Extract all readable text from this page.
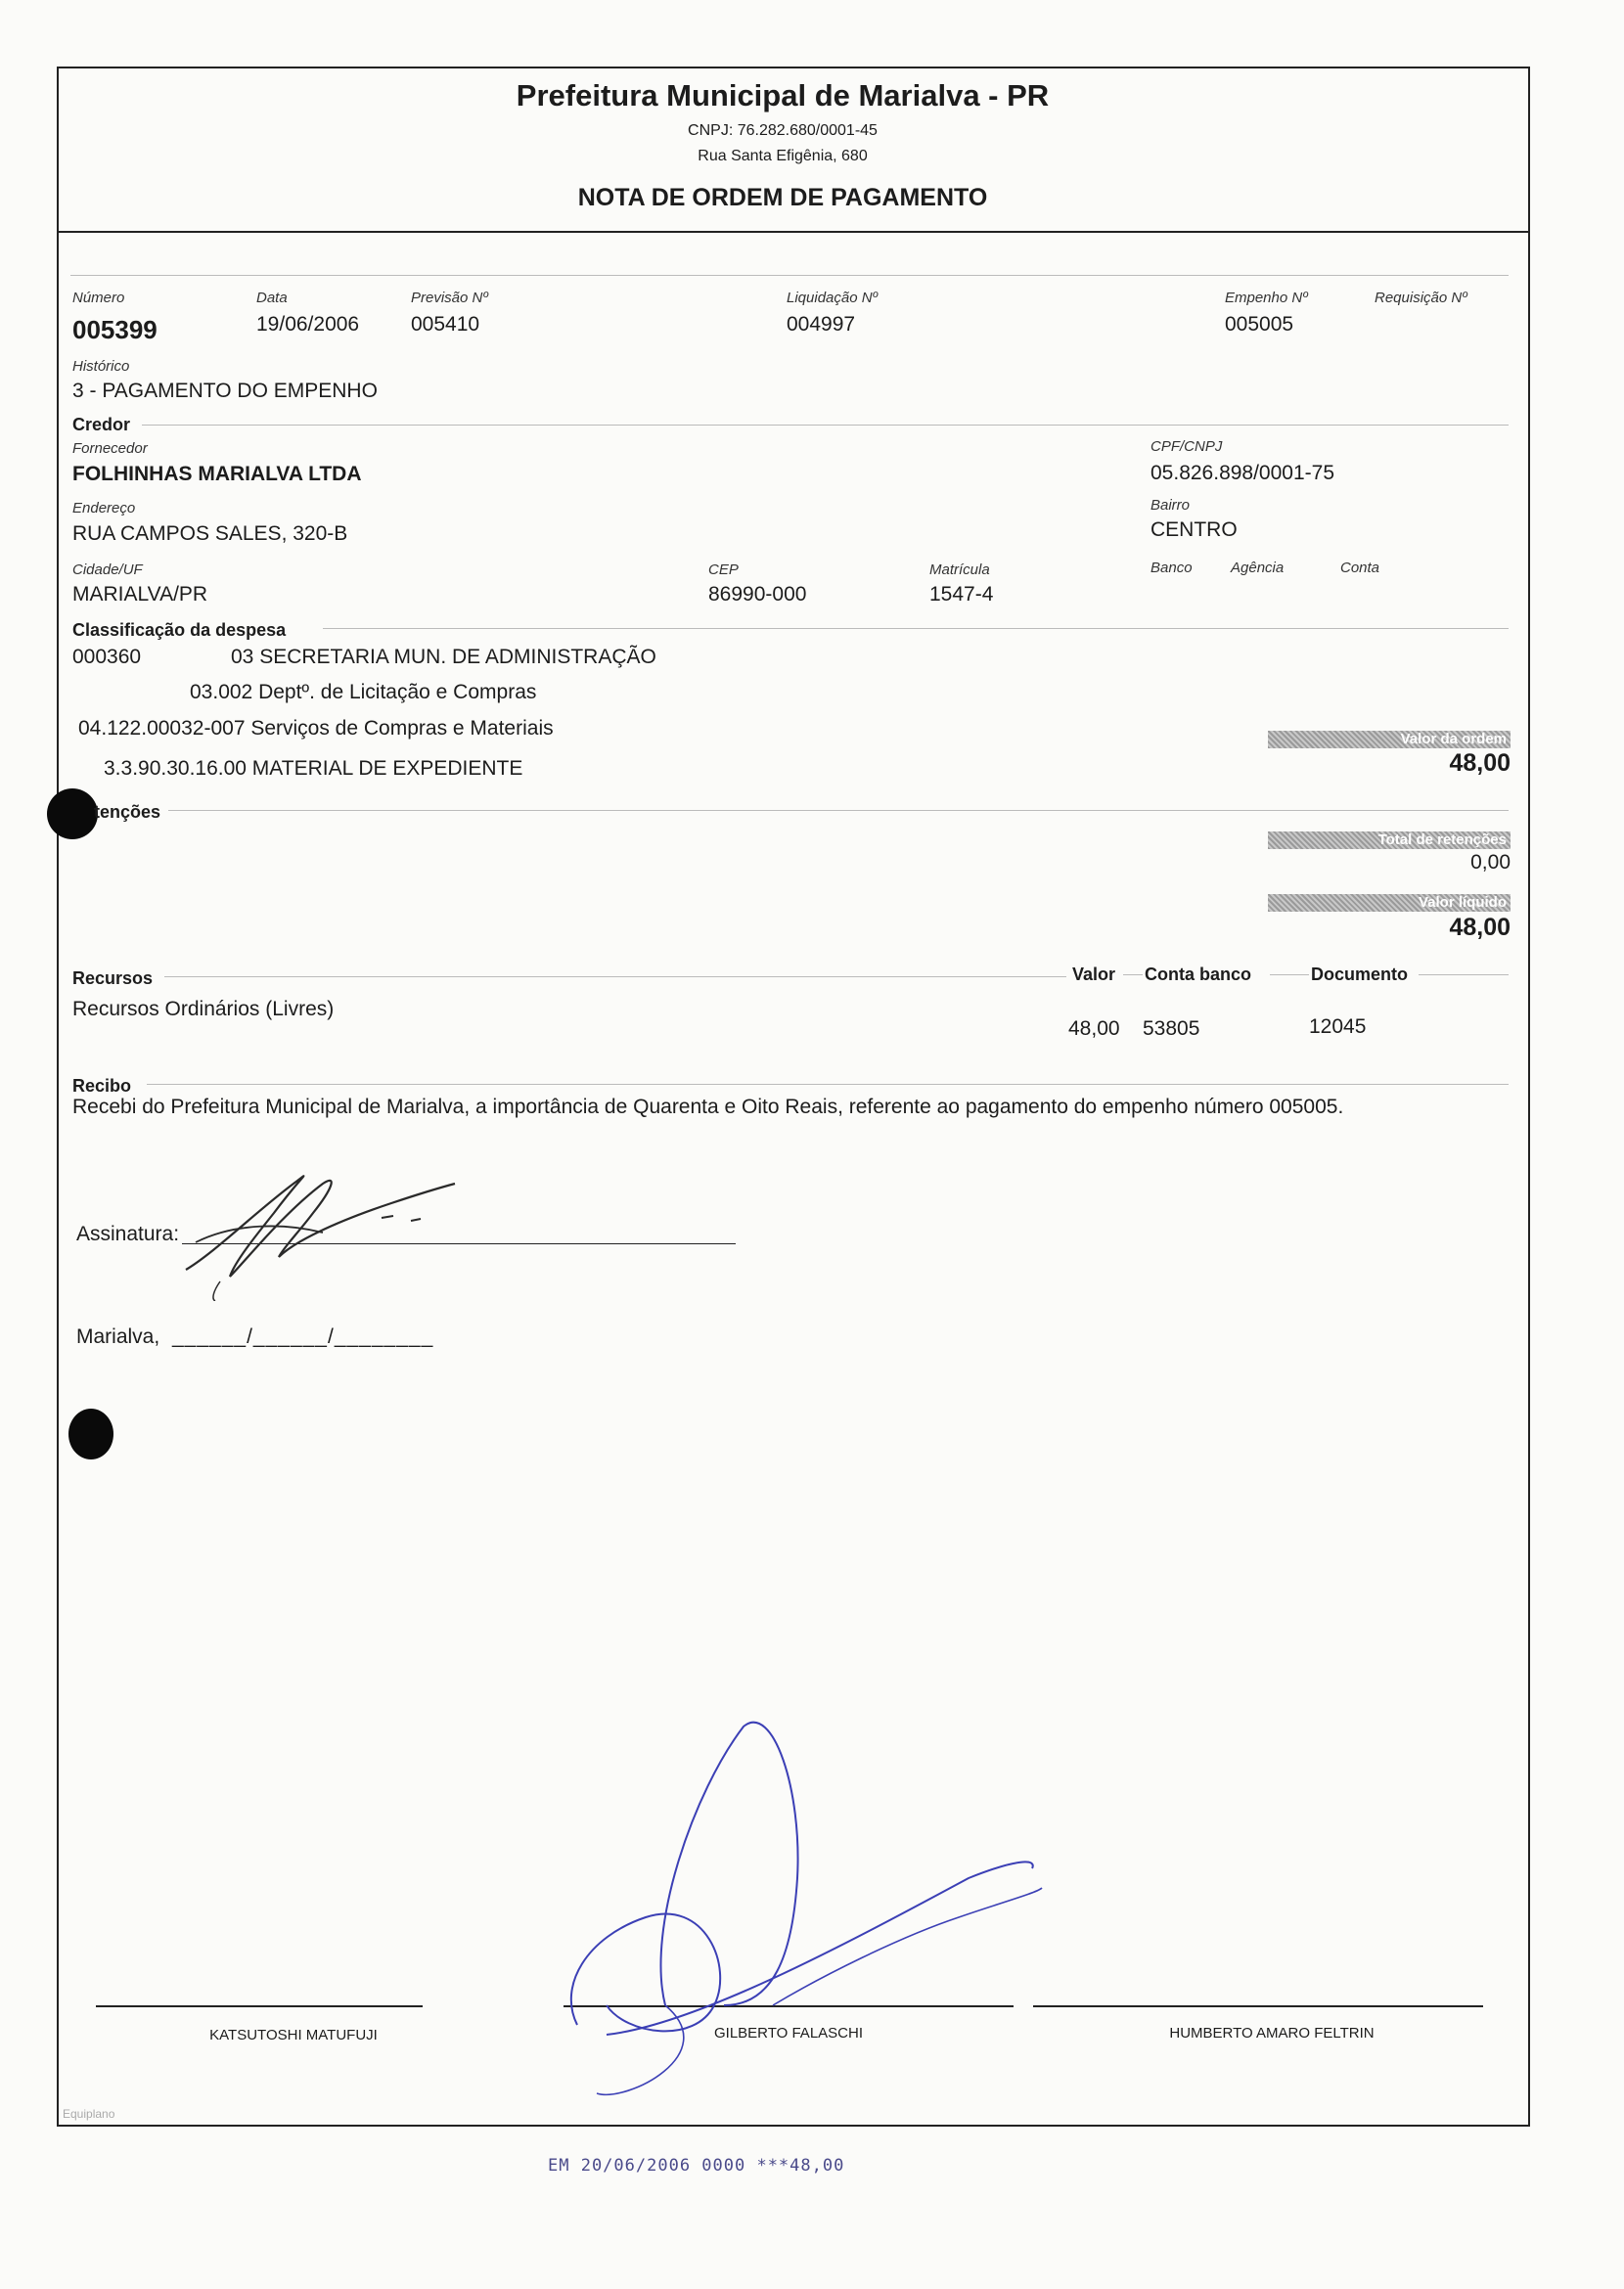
Prefeitura Municipal de Marialva - PR
CNPJ: 76.282.680/0001-45
Rua Santa Efigênia, 680
NOTA DE ORDEM DE PAGAMENTO
Número
005399
Data
19/06/2006
Previsão Nº
005410
Liquidação Nº
004997
Empenho Nº
005005
Requisição Nº
Histórico
3 - PAGAMENTO DO EMPENHO
Credor
Fornecedor
FOLHINHAS MARIALVA LTDA
CPF/CNPJ
05.826.898/0001-75
Endereço
RUA CAMPOS SALES, 320-B
Bairro
CENTRO
Cidade/UF
MARIALVA/PR
CEP
86990-000
Matrícula
1547-4
Banco	Agência	Conta
Classificação da despesa
000360	03 SECRETARIA MUN. DE ADMINISTRAÇÃO
03.002 Deptº. de Licitação e Compras
04.122.00032-007 Serviços de Compras e Materiais
3.3.90.30.16.00 MATERIAL DE EXPEDIENTE
Valor da ordem
48,00
tenções
Total de retenções
0,00
Valor líquido
48,00
Recursos	Valor Conta banco	Documento
Recursos Ordinários (Livres)
48,00 53805	12045
Recibo
Recebi do Prefeitura Municipal de Marialva, a importância de Quarenta e Oito Reais, referente ao pagamento do empenho número 005005.
Assinatura:
Marialva, ______/______/________
KATSUTOSHI MATUFUJI	GILBERTO FALASCHI	HUMBERTO AMARO FELTRIN
Equiplano
EM 20/06/2006 0000 ***48,00
